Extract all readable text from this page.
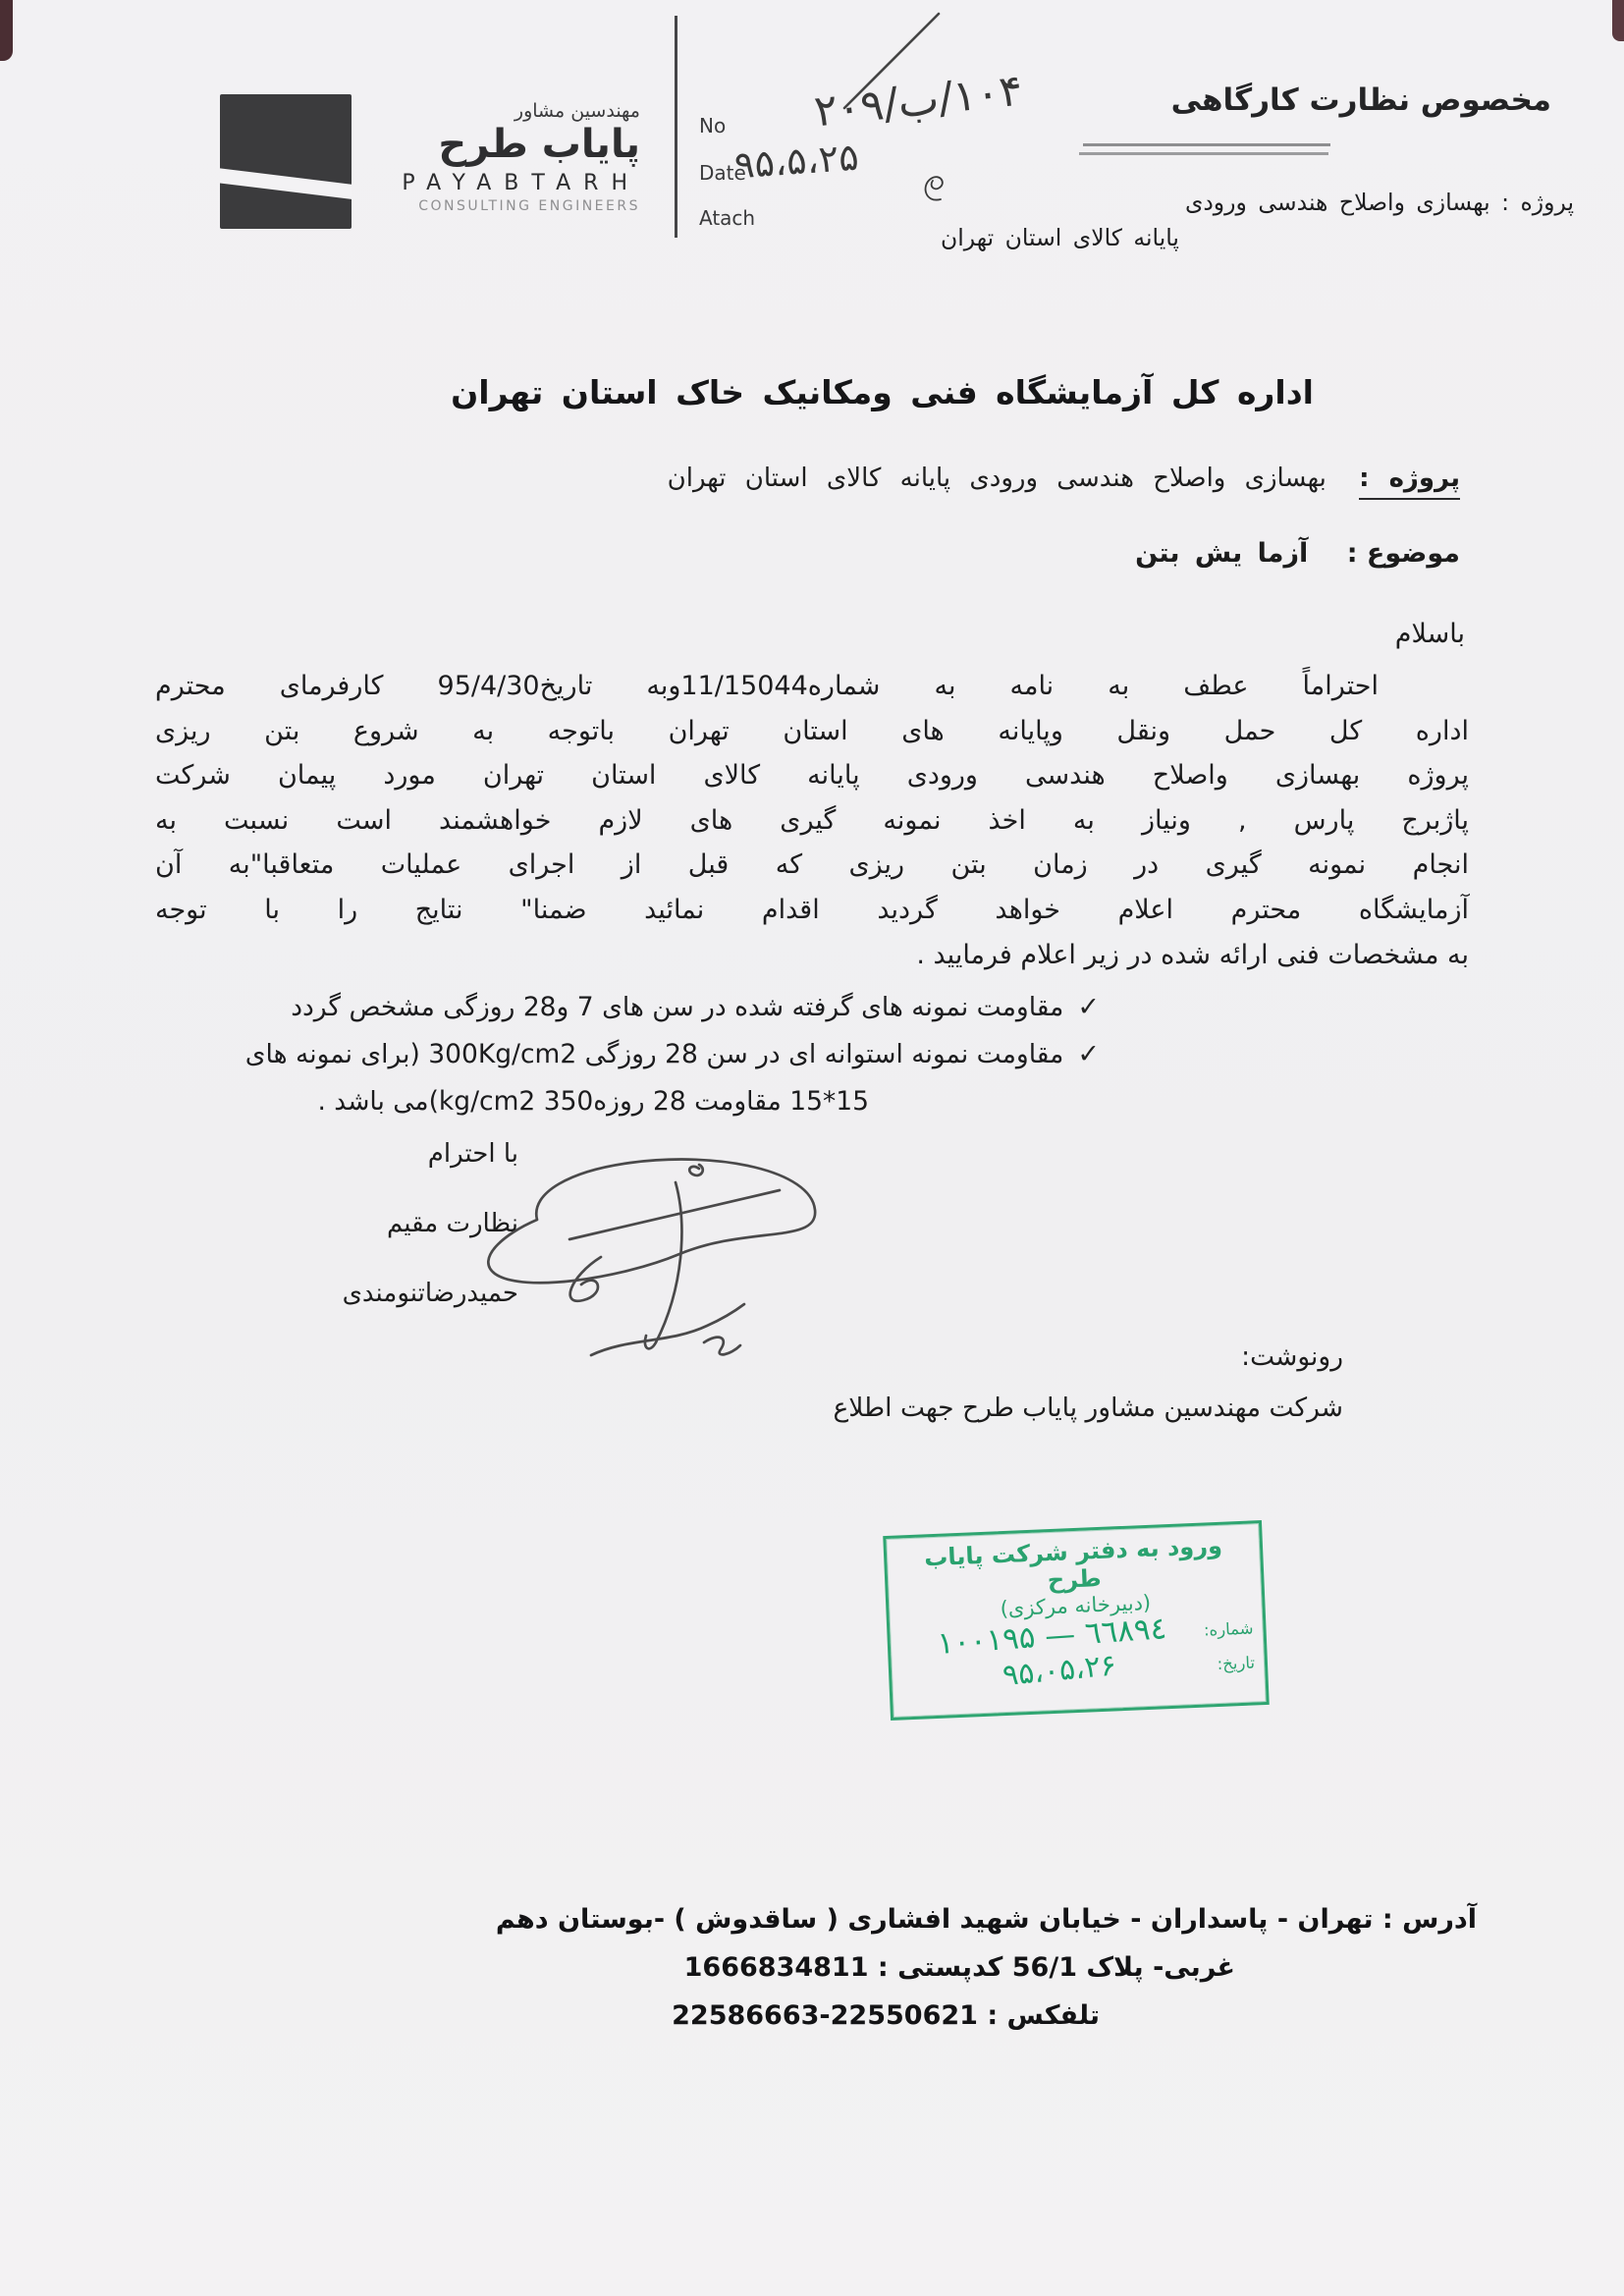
مهندسین مشاور
پایاب طرح
PAYABTARH
CONSULTING ENGINEERS
No
Date
Atach
۱۰۴/ب/۲۰۹
۹۵،۵،۲۵
مخصوص نظارت کارگاهی
پروژه : بهسازی واصلاح هندسی ورودی
پایانه کالای استان تهران
اداره کل آزمایشگاه فنی ومکانیک خاک استان تهران
پروژه : بهسازی واصلاح هندسی ورودی پایانه کالای استان تهران
موضوع : آزما یش بتن
باسلام
احتراماً عطف به نامه به شماره11/15044وبه تاریخ95/4/30 کارفرمای محترم
اداره کل حمل ونقل وپایانه های استان تهران باتوجه به شروع بتن ریزی
پروژه بهسازی واصلاح هندسی ورودی پایانه کالای استان تهران مورد پیمان شرکت
پاژبرج پارس , ونیاز به اخذ نمونه گیری های لازم خواهشمند است نسبت به
انجام نمونه گیری در زمان بتن ریزی که قبل از اجرای عملیات متعاقبا"به آن
آزمایشگاه محترم اعلام خواهد گردید اقدام نمائید ضمنا" نتایج را با توجه
به مشخصات فنی ارائه شده در زیر اعلام فرمایید .
✓
مقاومت نمونه های گرفته شده در سن های 7 و28 روزگی مشخص گردد
✓
مقاومت نمونه استوانه ای در سن 28 روزگی 300Kg/cm2 (برای نمونه های
15*15 مقاومت 28 روزه350 kg/cm2)می باشد .
با احترام
نظارت مقیم
حمیدرضاتنومندی
رونوشت:
شرکت مهندسین مشاور پایاب طرح جهت اطلاع
ورود به دفتر شرکت پایاب طرح
(دبیرخانه مرکزی)
شماره:
۱۰۰۱۹۵ — ٦٦٨٩٤
تاریخ:
۹۵،۰۵،۲۶
آدرس : تهران - پاسداران - خیابان شهید افشاری ( ساقدوش ) -بوستان دهم
غربی- پلاک 56/1 کدپستی : 1666834811
تلفکس : 22550621-22586663
